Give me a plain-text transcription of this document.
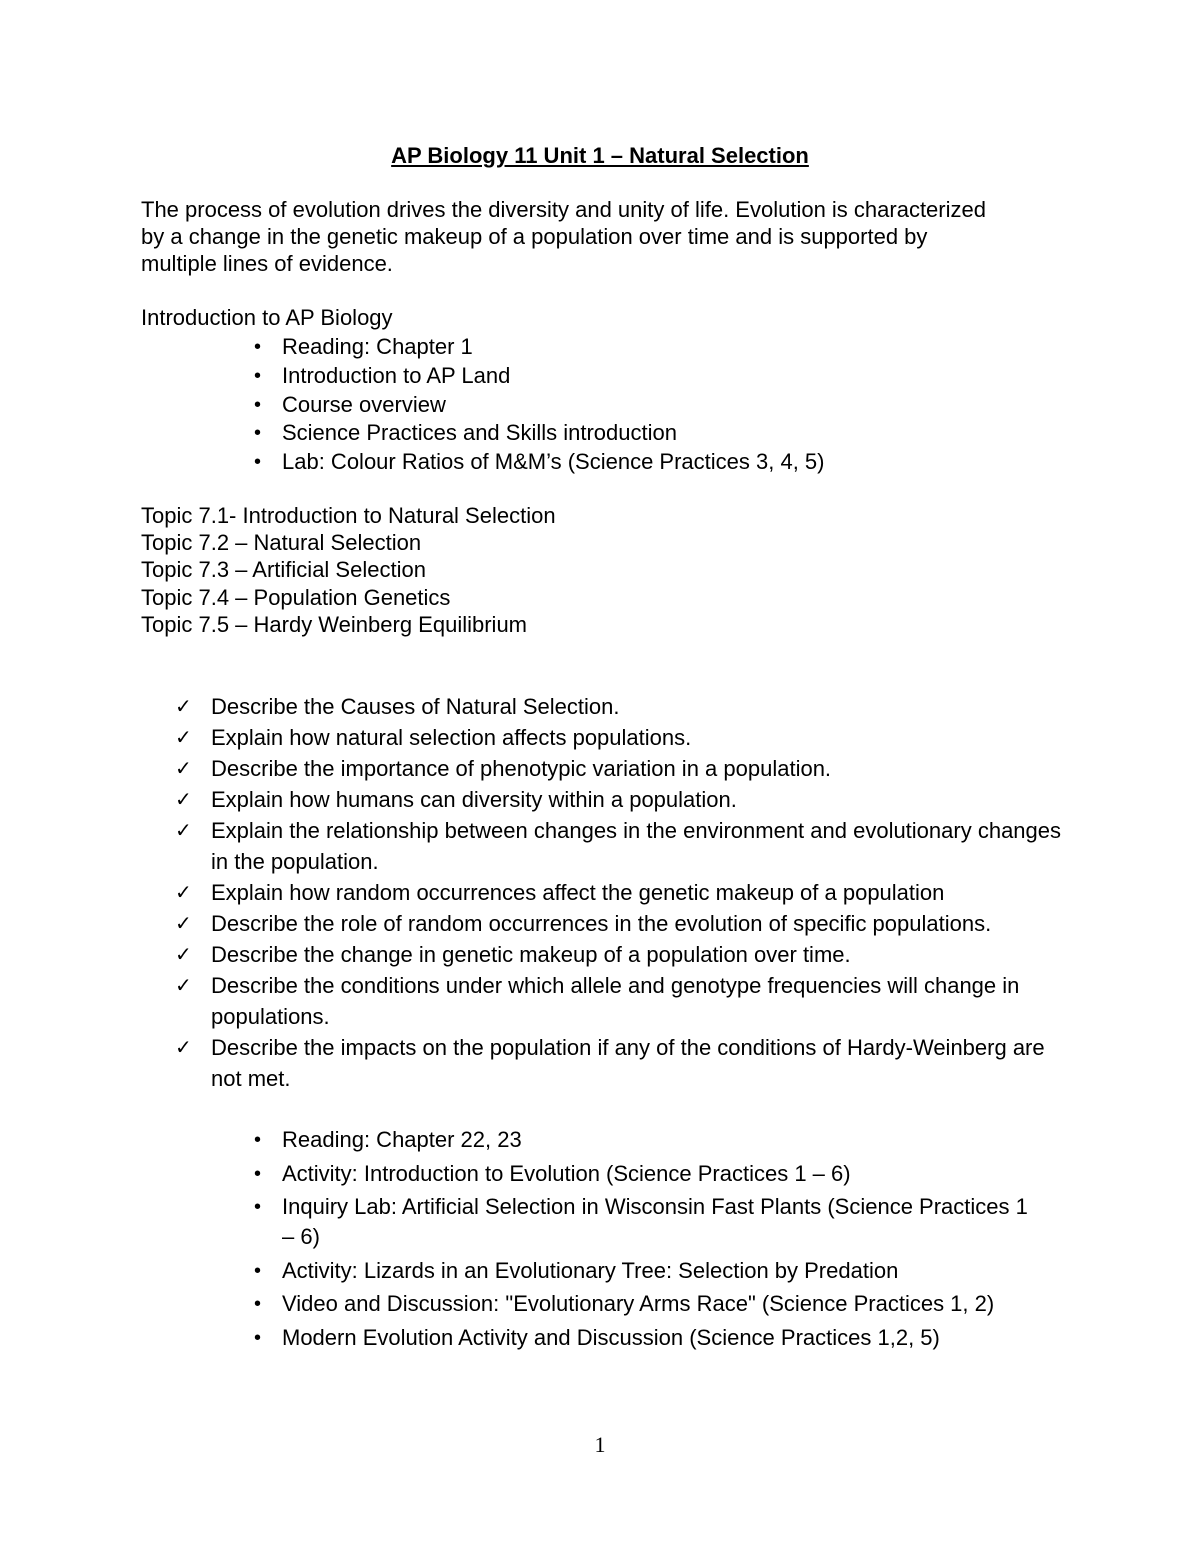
AP Biology 11 Unit 1 – Natural Selection
The process of evolution drives the diversity and unity of life. Evolution is characterized
by a change in the genetic makeup of a population over time and is supported by
multiple lines of evidence.
Introduction to AP Biology
• Reading: Chapter 1
• Introduction to AP Land
• Course overview
• Science Practices and Skills introduction
• Lab: Colour Ratios of M&M’s (Science Practices 3, 4, 5)
Topic 7.1- Introduction to Natural Selection
Topic 7.2 – Natural Selection
Topic 7.3 – Artificial Selection
Topic 7.4 – Population Genetics
Topic 7.5 – Hardy Weinberg Equilibrium
✓ Describe the Causes of Natural Selection.
✓ Explain how natural selection affects populations.
✓ Describe the importance of phenotypic variation in a population.
✓ Explain how humans can diversity within a population.
✓ Explain the relationship between changes in the environment and evolutionary changes in the population.
✓ Explain how random occurrences affect the genetic makeup of a population
✓ Describe the role of random occurrences in the evolution of specific populations.
✓ Describe the change in genetic makeup of a population over time.
✓ Describe the conditions under which allele and genotype frequencies will change in populations.
✓ Describe the impacts on the population if any of the conditions of Hardy-Weinberg are not met.
• Reading: Chapter 22, 23
• Activity: Introduction to Evolution (Science Practices 1 – 6)
• Inquiry Lab: Artificial Selection in Wisconsin Fast Plants (Science Practices 1 – 6)
• Activity: Lizards in an Evolutionary Tree: Selection by Predation
• Video and Discussion: "Evolutionary Arms Race" (Science Practices 1, 2)
• Modern Evolution Activity and Discussion (Science Practices 1,2, 5)
1
